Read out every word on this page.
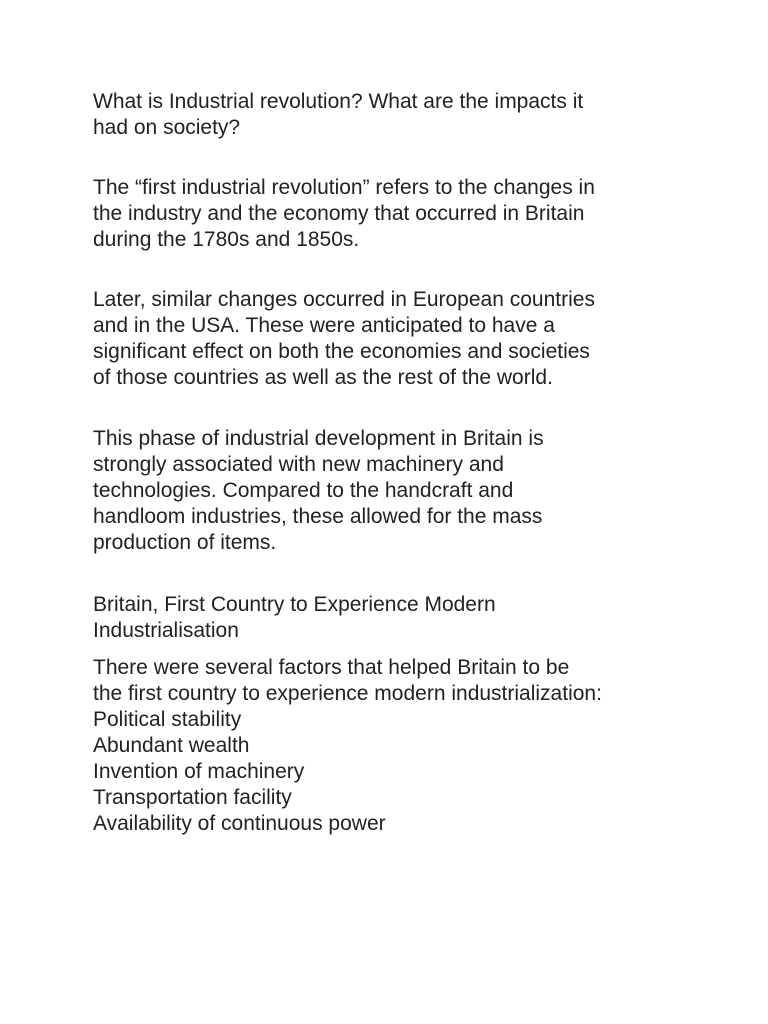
What is Industrial revolution? What are the impacts it
had on society?

The “first industrial revolution” refers to the changes in
the industry and the economy that occurred in Britain
during the 1780s and 1850s.

Later, similar changes occurred in European countries
and in the USA. These were anticipated to have a
significant effect on both the economies and societies
of those countries as well as the rest of the world.

This phase of industrial development in Britain is
strongly associated with new machinery and
technologies. Compared to the handcraft and
handloom industries, these allowed for the mass
production of items.

Britain, First Country to Experience Modern
Industrialisation

There were several factors that helped Britain to be
the first country to experience modern industrialization:
Political stability
Abundant wealth
Invention of machinery
Transportation facility
Availability of continuous power
